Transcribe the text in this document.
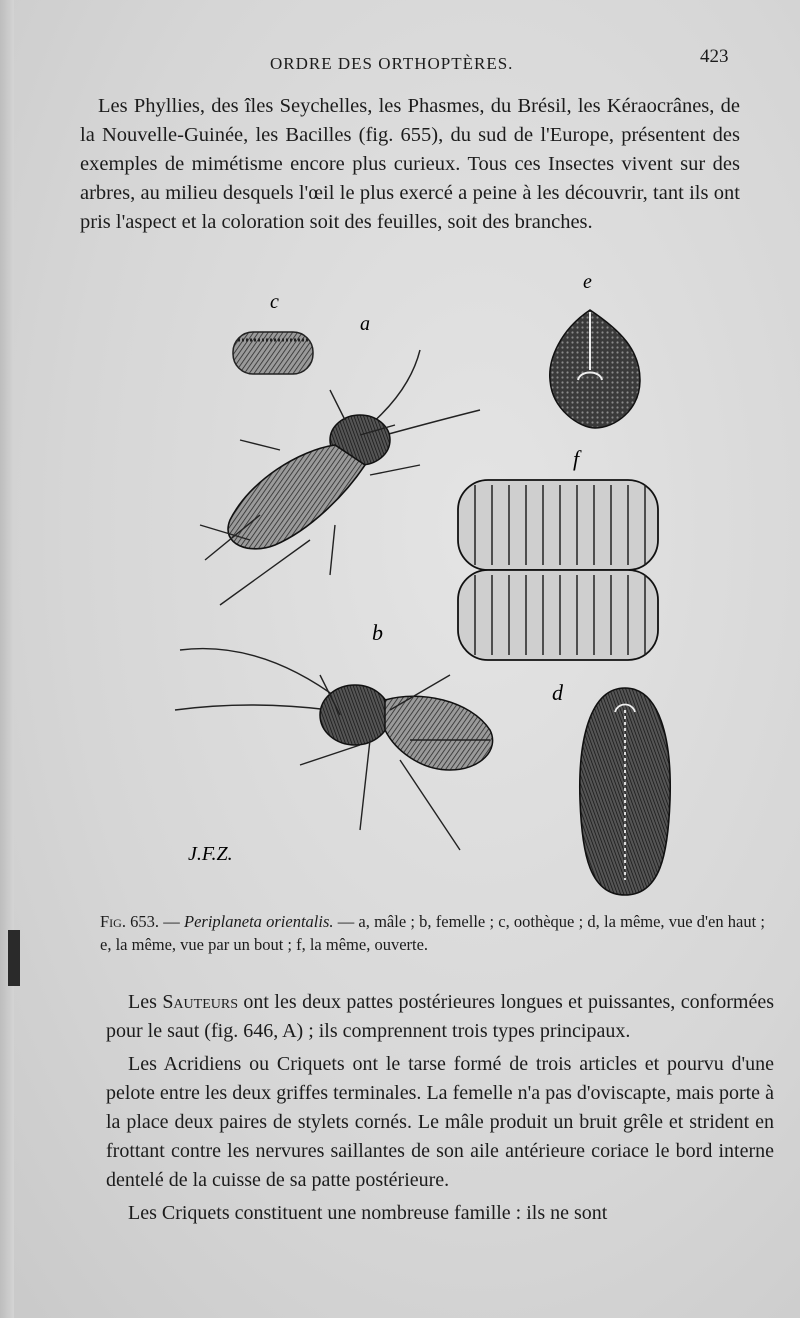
ORDRE DES ORTHOPTÈRES.	423

Les Phyllies, des îles Seychelles, les Phasmes, du Brésil, les Kéraocrânes, de la Nouvelle-Guinée, les Bacilles (fig. 655), du sud de l'Europe, présentent des exemples de mimétisme encore plus curieux. Tous ces Insectes vivent sur des arbres, au milieu desquels l'œil le plus exercé a peine à les découvrir, tant ils ont pris l'aspect et la coloration soit des feuilles, soit des branches.

c
a
e
f
b
d
J.F.Z.

Fig. 653. — Periplaneta orientalis. — a, mâle ; b, femelle ; c, oothèque ; d, la même, vue d'en haut ; e, la même, vue par un bout ; f, la même, ouverte.

Les Sauteurs ont les deux pattes postérieures longues et puissantes, conformées pour le saut (fig. 646, A) ; ils comprennent trois types principaux.

Les Acridiens ou Criquets ont le tarse formé de trois articles et pourvu d'une pelote entre les deux griffes terminales. La femelle n'a pas d'oviscapte, mais porte à la place deux paires de stylets cornés. Le mâle produit un bruit grêle et strident en frottant contre les nervures saillantes de son aile antérieure coriace le bord interne dentelé de la cuisse de sa patte postérieure.

Les Criquets constituent une nombreuse famille : ils ne sont
